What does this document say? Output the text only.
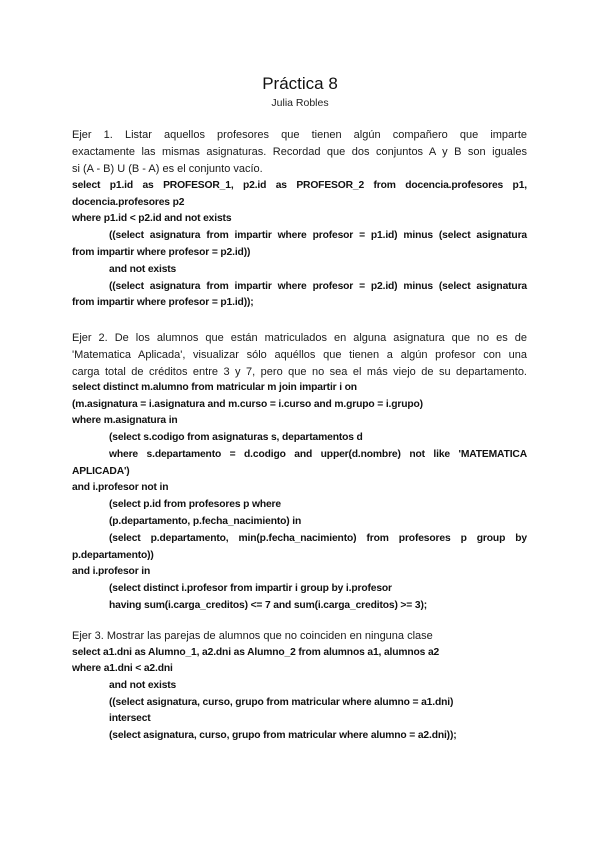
Práctica 8
Julia Robles
Ejer 1. Listar aquellos profesores que tienen algún compañero que imparte
exactamente las mismas asignaturas. Recordad que dos conjuntos A y B son iguales
si (A - B) U (B - A) es el conjunto vacío.
select p1.id as PROFESOR_1, p2.id as PROFESOR_2 from docencia.profesores p1,
docencia.profesores p2
where p1.id < p2.id and not exists
((select asignatura from impartir where profesor = p1.id) minus (select asignatura
from impartir where profesor = p2.id))
and not exists
((select asignatura from impartir where profesor = p2.id) minus (select asignatura
from impartir where profesor = p1.id));
Ejer 2. De los alumnos que están matriculados en alguna asignatura que no es de
'Matematica Aplicada', visualizar sólo aquéllos que tienen a algún profesor con una
carga total de créditos entre 3 y 7, pero que no sea el más viejo de su departamento.
select distinct m.alumno from matricular m join impartir i on
(m.asignatura = i.asignatura and m.curso = i.curso and m.grupo = i.grupo)
where m.asignatura in
(select s.codigo from asignaturas s, departamentos d
where s.departamento = d.codigo and upper(d.nombre) not like 'MATEMATICA
APLICADA')
and i.profesor not in
(select p.id from profesores p where
(p.departamento, p.fecha_nacimiento) in
(select p.departamento, min(p.fecha_nacimiento) from profesores p group by
p.departamento))
and i.profesor in
(select distinct i.profesor from impartir i group by i.profesor
having sum(i.carga_creditos) <= 7 and sum(i.carga_creditos) >= 3);
Ejer 3. Mostrar las parejas de alumnos que no coinciden en ninguna clase
select a1.dni as Alumno_1, a2.dni as Alumno_2 from alumnos a1, alumnos a2
where a1.dni < a2.dni
and not exists
((select asignatura, curso, grupo from matricular where alumno = a1.dni)
intersect
(select asignatura, curso, grupo from matricular where alumno = a2.dni));
